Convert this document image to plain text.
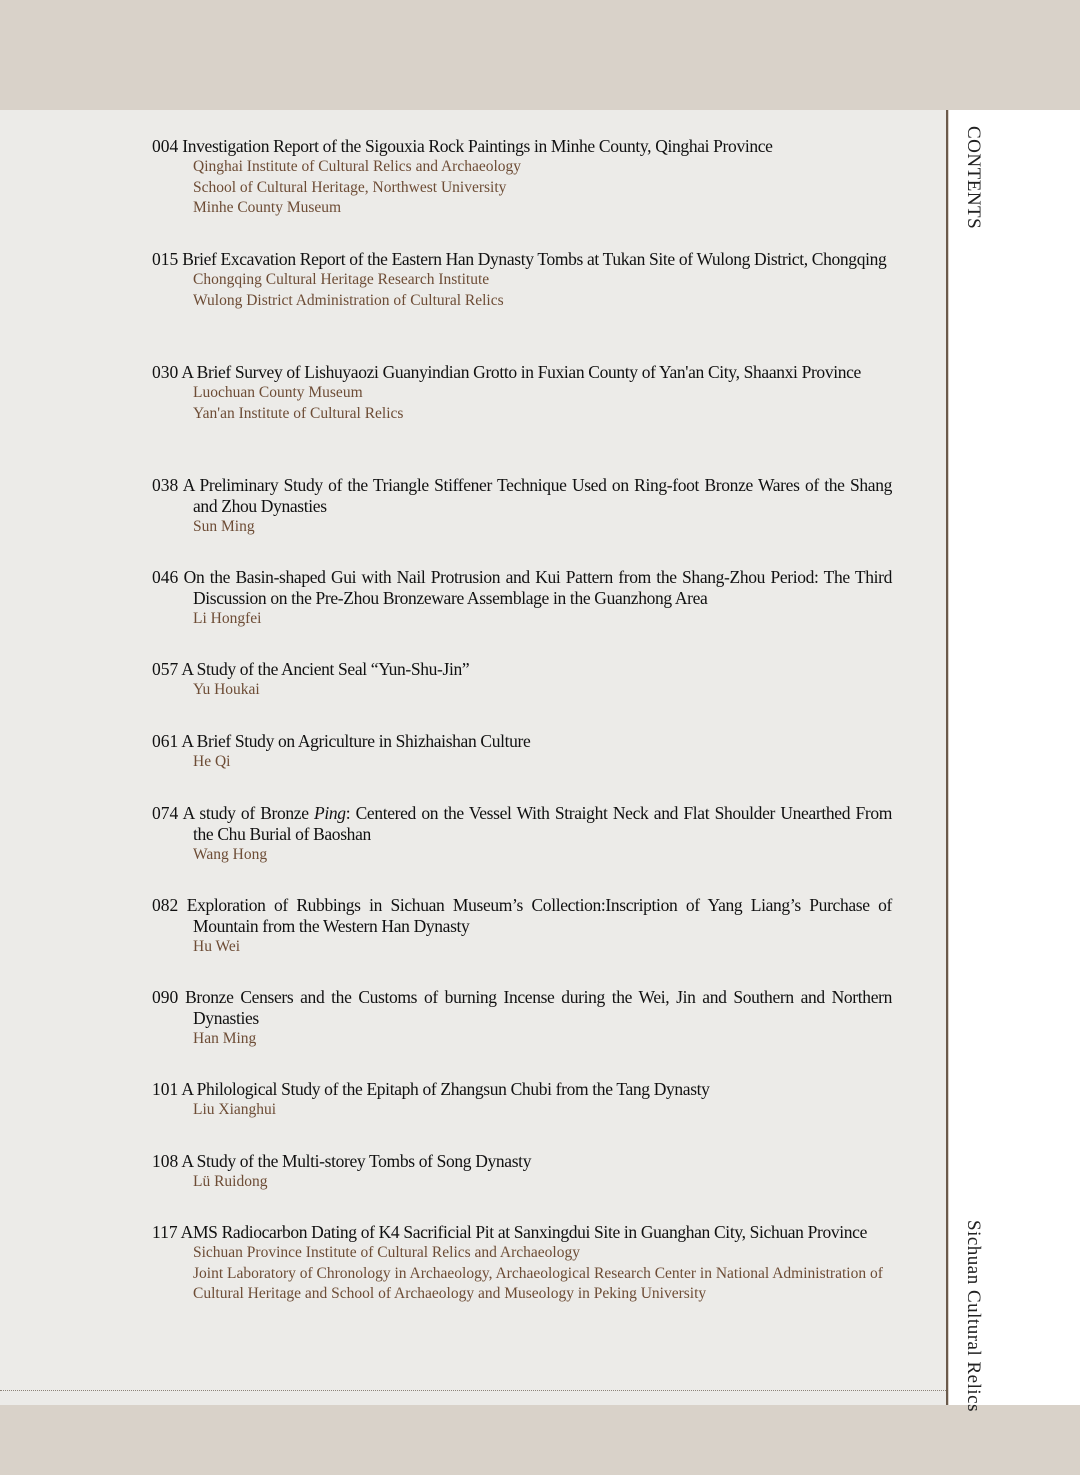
CONTENTS
Sichuan Cultural Relics
004 Investigation Report of the Sigouxia Rock Paintings in Minhe County, Qinghai Province
Qinghai Institute of Cultural Relics and Archaeology
School of Cultural Heritage, Northwest University
Minhe County Museum
015 Brief Excavation Report of the Eastern Han Dynasty Tombs at Tukan Site of Wulong District, Chongqing
Chongqing Cultural Heritage Research Institute
Wulong District Administration of Cultural Relics
030 A Brief Survey of Lishuyaozi Guanyindian Grotto in Fuxian County of Yan'an City, Shaanxi Province
Luochuan County Museum
Yan'an Institute of Cultural Relics
038 A Preliminary Study of the Triangle Stiffener Technique Used on Ring-foot Bronze Wares of the Shang and Zhou Dynasties
Sun Ming
046 On the Basin-shaped Gui with Nail Protrusion and Kui Pattern from the Shang-Zhou Period: The Third Discussion on the Pre-Zhou Bronzeware Assemblage in the Guanzhong Area
Li Hongfei
057 A Study of the Ancient Seal “Yun-Shu-Jin”
Yu Houkai
061 A Brief Study on Agriculture in Shizhaishan Culture
He Qi
074 A study of Bronze Ping: Centered on the Vessel With Straight Neck and Flat Shoulder Unearthed From the Chu Burial of Baoshan
Wang Hong
082 Exploration of Rubbings in Sichuan Museum’s Collection:Inscription of Yang Liang’s Purchase of Mountain from the Western Han Dynasty
Hu Wei
090 Bronze Censers and the Customs of burning Incense during the Wei, Jin and Southern and Northern Dynasties
Han Ming
101 A Philological Study of the Epitaph of Zhangsun Chubi from the Tang Dynasty
Liu Xianghui
108 A Study of the Multi-storey Tombs of Song Dynasty
Lü Ruidong
117 AMS Radiocarbon Dating of K4 Sacrificial Pit at Sanxingdui Site in Guanghan City, Sichuan Province
Sichuan Province Institute of Cultural Relics and Archaeology
Joint Laboratory of Chronology in Archaeology, Archaeological Research Center in National Administration of Cultural Heritage and School of Archaeology and Museology in Peking University
